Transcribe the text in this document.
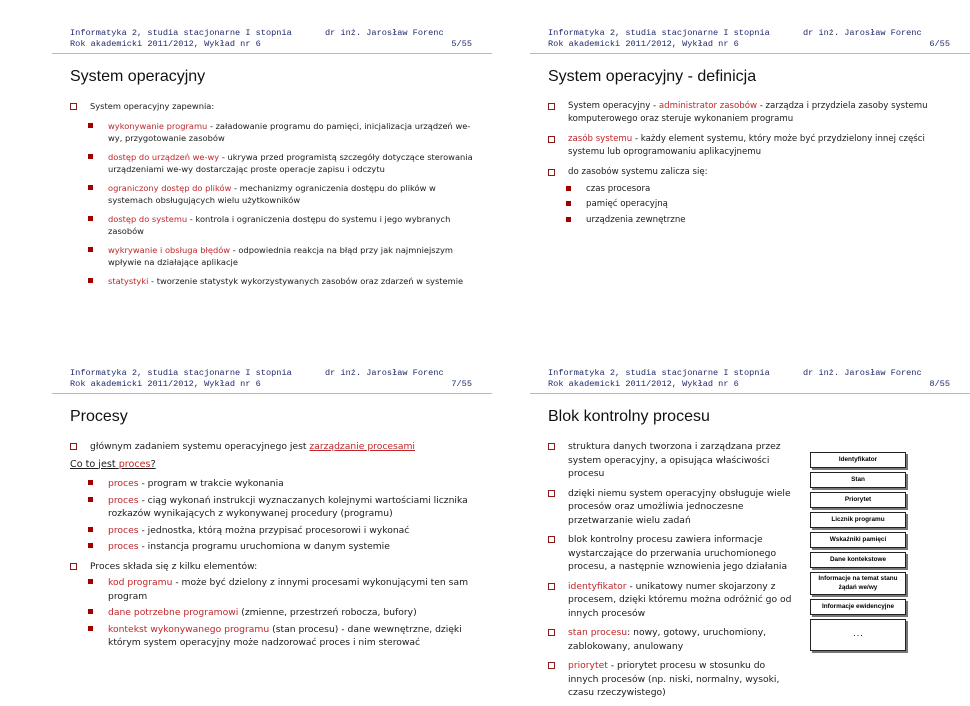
Informatyka 2, studia stacjonarne I stopnia
Rok akademicki 2011/2012, Wykład nr 6
dr inż. Jarosław Forenc
5/55
System operacyjny
System operacyjny zapewnia:
wykonywanie programu - załadowanie programu do pamięci, inicjalizacja urządzeń we-wy, przygotowanie zasobów
dostęp do urządzeń we-wy - ukrywa przed programistą szczegóły dotyczące sterowania urządzeniami we-wy dostarczając proste operacje zapisu i odczytu
ograniczony dostęp do plików - mechanizmy ograniczenia dostępu do plików w systemach obsługujących wielu użytkowników
dostęp do systemu - kontrola i ograniczenia dostępu do systemu i jego wybranych zasobów
wykrywanie i obsługa błędów - odpowiednia reakcja na błąd przy jak najmniejszym wpływie na działające aplikacje
statystyki - tworzenie statystyk wykorzystywanych zasobów oraz zdarzeń w systemie
Informatyka 2, studia stacjonarne I stopnia
Rok akademicki 2011/2012, Wykład nr 6
dr inż. Jarosław Forenc
6/55
System operacyjny - definicja
System operacyjny - administrator zasobów - zarządza i przydziela zasoby systemu komputerowego oraz steruje wykonaniem programu
zasób systemu - każdy element systemu, który może być przydzielony innej części systemu lub oprogramowaniu aplikacyjnemu
do zasobów systemu zalicza się:
czas procesora
pamięć operacyjną
urządzenia zewnętrzne
Informatyka 2, studia stacjonarne I stopnia
Rok akademicki 2011/2012, Wykład nr 6
dr inż. Jarosław Forenc
7/55
Procesy
głównym zadaniem systemu operacyjnego jest zarządzanie procesami
Co to jest proces?
proces - program w trakcie wykonania
proces - ciąg wykonań instrukcji wyznaczanych kolejnymi wartościami licznika rozkazów wynikających z wykonywanej procedury (programu)
proces - jednostka, którą można przypisać procesorowi i wykonać
proces - instancja programu uruchomiona w danym systemie
Proces składa się z kilku elementów:
kod programu - może być dzielony z innymi procesami wykonującymi ten sam program
dane potrzebne programowi (zmienne, przestrzeń robocza, bufory)
kontekst wykonywanego programu (stan procesu) - dane wewnętrzne, dzięki którym system operacyjny może nadzorować proces i nim sterować
Informatyka 2, studia stacjonarne I stopnia
Rok akademicki 2011/2012, Wykład nr 6
dr inż. Jarosław Forenc
8/55
Blok kontrolny procesu
struktura danych tworzona i zarządzana przez system operacyjny, a opisująca właściwości procesu
dzięki niemu system operacyjny obsługuje wiele procesów oraz umożliwia jednoczesne przetwarzanie wielu zadań
blok kontrolny procesu zawiera informacje wystarczające do przerwania uruchomionego procesu, a następnie wznowienia jego działania
identyfikator - unikatowy numer skojarzony z procesem, dzięki któremu można odróżnić go od innych procesów
stan procesu: nowy, gotowy, uruchomiony, zablokowany, anulowany
priorytet - priorytet procesu w stosunku do innych procesów (np. niski, normalny, wysoki, czasu rzeczywistego)
Identyfikator
Stan
Priorytet
Licznik programu
Wskaźniki pamięci
Dane kontekstowe
Informacje na temat stanu żądań we/wy
Informacje ewidencyjne
. . .
